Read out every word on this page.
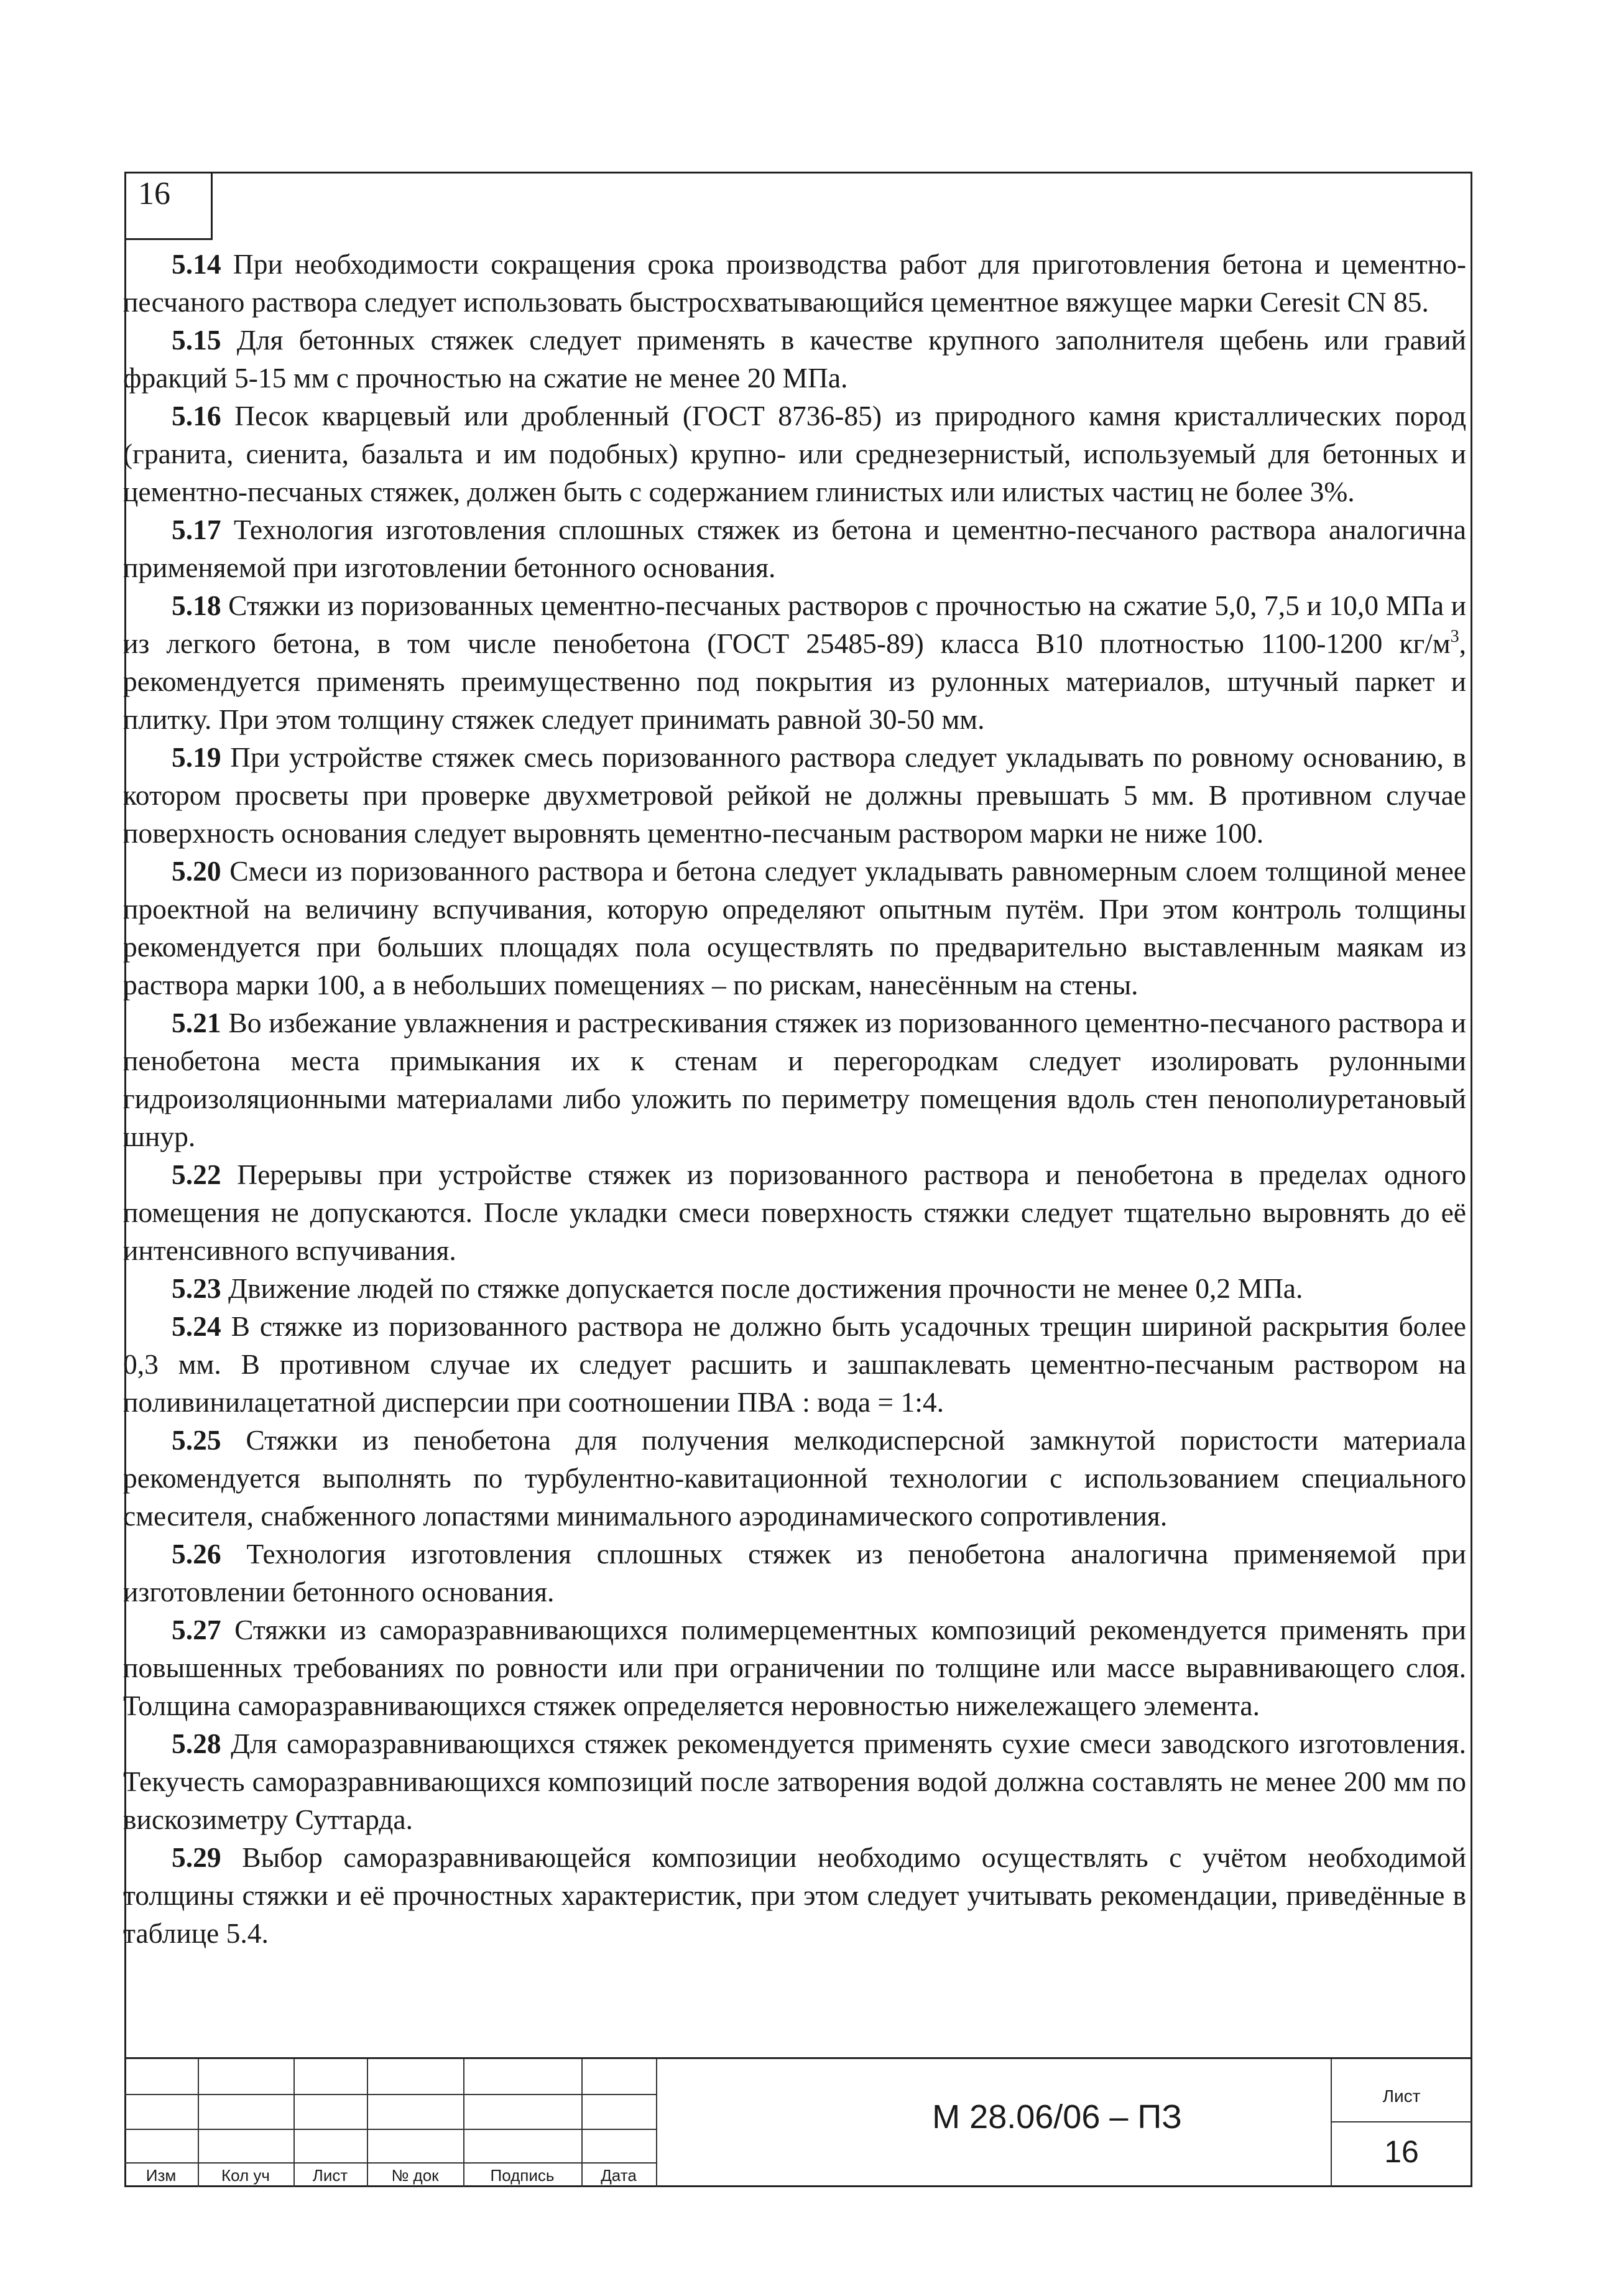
16

5.14 При необходимости сокращения срока производства работ для приготовления бетона и цементно-песчаного раствора следует использовать быстросхватывающийся цементное вяжущее марки Ceresit CN 85.

5.15 Для бетонных стяжек следует применять в качестве крупного заполнителя щебень или гравий фракций 5-15 мм с прочностью на сжатие не менее 20 МПа.

5.16 Песок кварцевый или дробленный (ГОСТ 8736-85) из природного камня кристаллических пород (гранита, сиенита, базальта и им подобных) крупно- или среднезернистый, используемый для бетонных и цементно-песчаных стяжек, должен быть с содержанием глинистых или илистых частиц не более 3%.

5.17 Технология изготовления сплошных стяжек из бетона и цементно-песчаного раствора аналогична применяемой при изготовлении бетонного основания.

5.18 Стяжки из поризованных цементно-песчаных растворов с прочностью на сжатие 5,0, 7,5 и 10,0 МПа и из легкого бетона, в том числе пенобетона (ГОСТ 25485-89) класса В10 плотностью 1100-1200 $кг/м^3$, рекомендуется применять преимущественно под покрытия из рулонных материалов, штучный паркет и плитку. При этом толщину стяжек следует принимать равной 30-50 мм.

5.19 При устройстве стяжек смесь поризованного раствора следует укладывать по ровному основанию, в котором просветы при проверке двухметровой рейкой не должны превышать 5 мм. В противном случае поверхность основания следует выровнять цементно-песчаным раствором марки не ниже 100.

5.20 Смеси из поризованного раствора и бетона следует укладывать равномерным слоем толщиной менее проектной на величину вспучивания, которую определяют опытным путём. При этом контроль толщины рекомендуется при больших площадях пола осуществлять по предварительно выставленным маякам из раствора марки 100, а в небольших помещениях – по рискам, нанесённым на стены.

5.21 Во избежание увлажнения и растрескивания стяжек из поризованного цементно-песчаного раствора и пенобетона места примыкания их к стенам и перегородкам следует изолировать рулонными гидроизоляционными материалами либо уложить по периметру помещения вдоль стен пенополиуретановый шнур.

5.22 Перерывы при устройстве стяжек из поризованного раствора и пенобетона в пределах одного помещения не допускаются. После укладки смеси поверхность стяжки следует тщательно выровнять до её интенсивного вспучивания.

5.23 Движение людей по стяжке допускается после достижения прочности не менее 0,2 МПа.

5.24 В стяжке из поризованного раствора не должно быть усадочных трещин шириной раскрытия более 0,3 мм. В противном случае их следует расшить и зашпаклевать цементно-песчаным раствором на поливинилацетатной дисперсии при соотношении ПВА : вода = 1:4.

5.25 Стяжки из пенобетона для получения мелкодисперсной замкнутой пористости материала рекомендуется выполнять по турбулентно-кавитационной технологии с использованием специального смесителя, снабженного лопастями минимального аэродинамического сопротивления.

5.26 Технология изготовления сплошных стяжек из пенобетона аналогична применяемой при изготовлении бетонного основания.

5.27 Стяжки из саморазравнивающихся полимерцементных композиций рекомендуется применять при повышенных требованиях по ровности или при ограничении по толщине или массе выравнивающего слоя. Толщина саморазравнивающихся стяжек определяется неровностью нижележащего элемента.

5.28 Для саморазравнивающихся стяжек рекомендуется применять сухие смеси заводского изготовления. Текучесть саморазравнивающихся композиций после затворения водой должна составлять не менее 200 мм по вискозиметру Суттарда.

5.29 Выбор саморазравнивающейся композиции необходимо осуществлять с учётом необходимой толщины стяжки и её прочностных характеристик, при этом следует учитывать рекомендации, приведённые в таблице 5.4.

Изм	Кол уч	Лист	№ док	Подпись	Дата
М 28.06/06 – ПЗ
Лист
16
